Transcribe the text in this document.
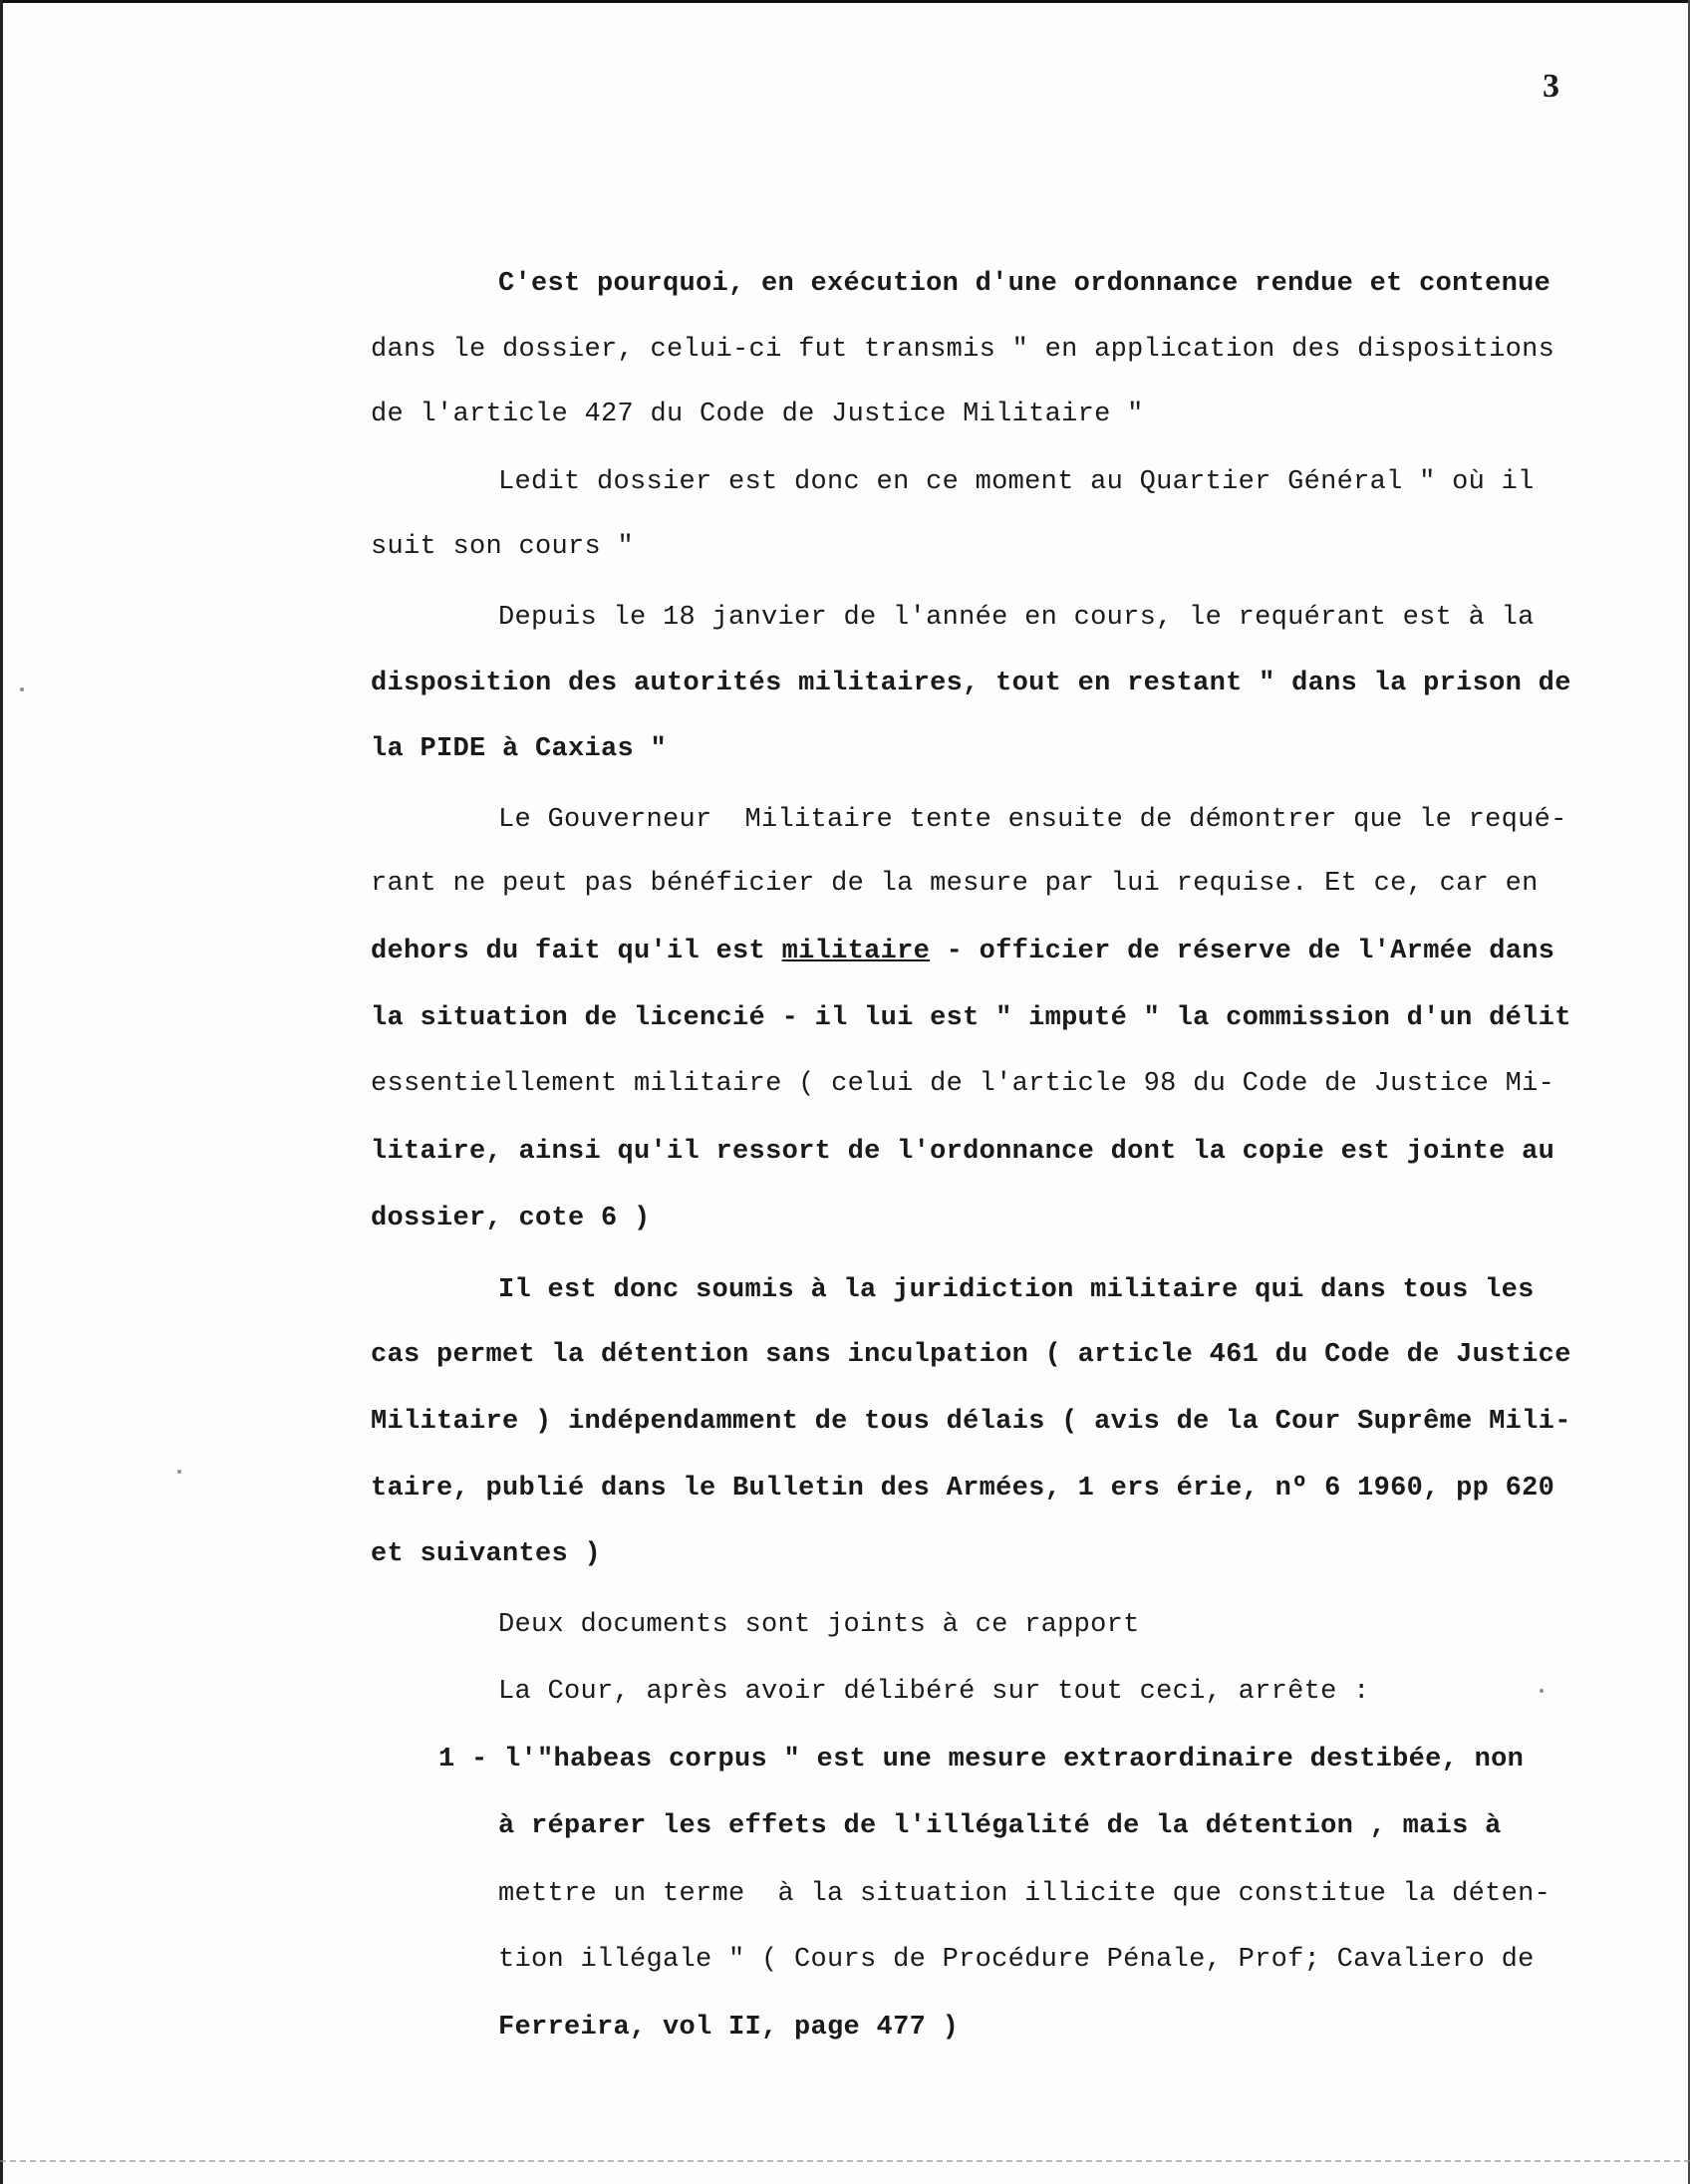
3
C'est pourquoi, en exécution d'une ordonnance rendue et contenue
dans le dossier, celui-ci fut transmis " en application des dispositions
de l'article 427 du Code de Justice Militaire "
Ledit dossier est donc en ce moment au Quartier Général " où il
suit son cours "
Depuis le 18 janvier de l'année en cours, le requérant est à la
disposition des autorités militaires, tout en restant " dans la prison de
la PIDE à Caxias "
Le Gouverneur  Militaire tente ensuite de démontrer que le requé-
rant ne peut pas bénéficier de la mesure par lui requise. Et ce, car en
dehors du fait qu'il est militaire - officier de réserve de l'Armée dans
la situation de licencié - il lui est " imputé " la commission d'un délit
essentiellement militaire ( celui de l'article 98 du Code de Justice Mi-
litaire, ainsi qu'il ressort de l'ordonnance dont la copie est jointe au
dossier, cote 6 )
Il est donc soumis à la juridiction militaire qui dans tous les
cas permet la détention sans inculpation ( article 461 du Code de Justice
Militaire ) indépendamment de tous délais ( avis de la Cour Suprême Mili-
taire, publié dans le Bulletin des Armées, 1 ers érie, nº 6 1960, pp 620
et suivantes )
Deux documents sont joints à ce rapport
La Cour, après avoir délibéré sur tout ceci, arrête :
1 - l'"habeas corpus " est une mesure extraordinaire destibée, non
à réparer les effets de l'illégalité de la détention , mais à
mettre un terme  à la situation illicite que constitue la déten-
tion illégale " ( Cours de Procédure Pénale, Prof; Cavaliero de
Ferreira, vol II, page 477 )
